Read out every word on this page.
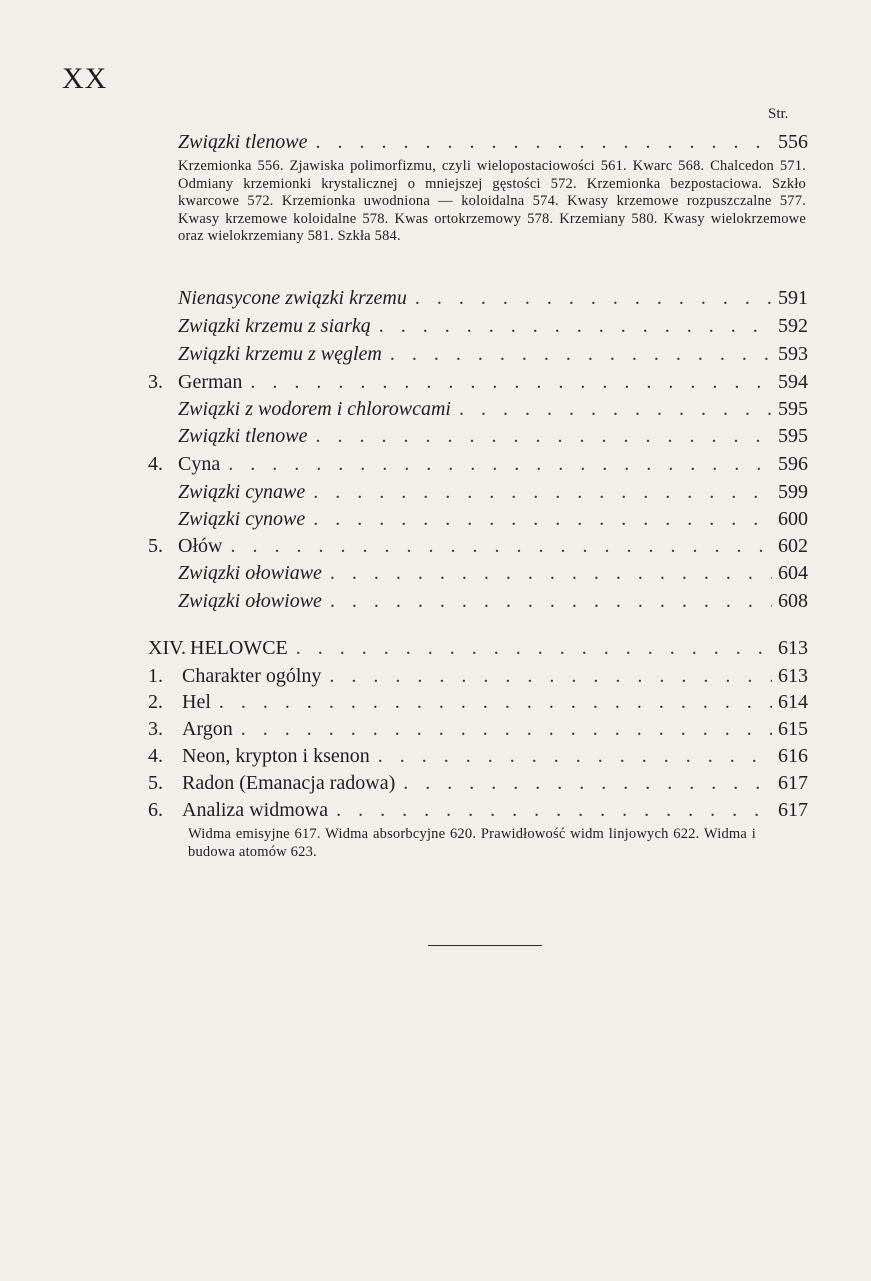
XX
Str.
Związki tlenowe . . .	556
Krzemionka 556. Zjawiska polimorfizmu, czyli wielopostaciowości 561. Kwarc 568. Chalcedon 571. Odmiany krzemionki krystalicznej o mniejszej gęstości 572. Krzemionka bezpostaciowa. Szkło kwarcowe 572. Krzemionka uwodniona — koloidalna 574. Kwasy krzemowe rozpuszczalne 577. Kwasy krzemowe koloidalne 578. Kwas ortokrzemowy 578. Krzemiany 580. Kwasy wielokrzemowe oraz wielokrzemiany 581. Szkła 584.
Nienasycone związki krzemu . . .	591
Związki krzemu z siarką . . .	592
Związki krzemu z węglem . . .	593
3. German . . .	594
Związki z wodorem i chlorowcami . . .	595
Związki tlenowe . . .	595
4. Cyna . . .	596
Związki cynawe . . .	599
Związki cynowe . . .	600
5. Ołów . . .	602
Związki ołowiawe . . .	604
Związki ołowiowe . . .	608
XIV. HELOWCE . . .	613
1. Charakter ogólny . . .	613
2. Hel . . .	614
3. Argon . . .	615
4. Neon, krypton i ksenon . . .	616
5. Radon (Emanacja radowa) . . .	617
6. Analiza widmowa . . .	617
Widma emisyjne 617. Widma absorbcyjne 620. Prawidłowość widm linjowych 622. Widma i budowa atomów 623.
